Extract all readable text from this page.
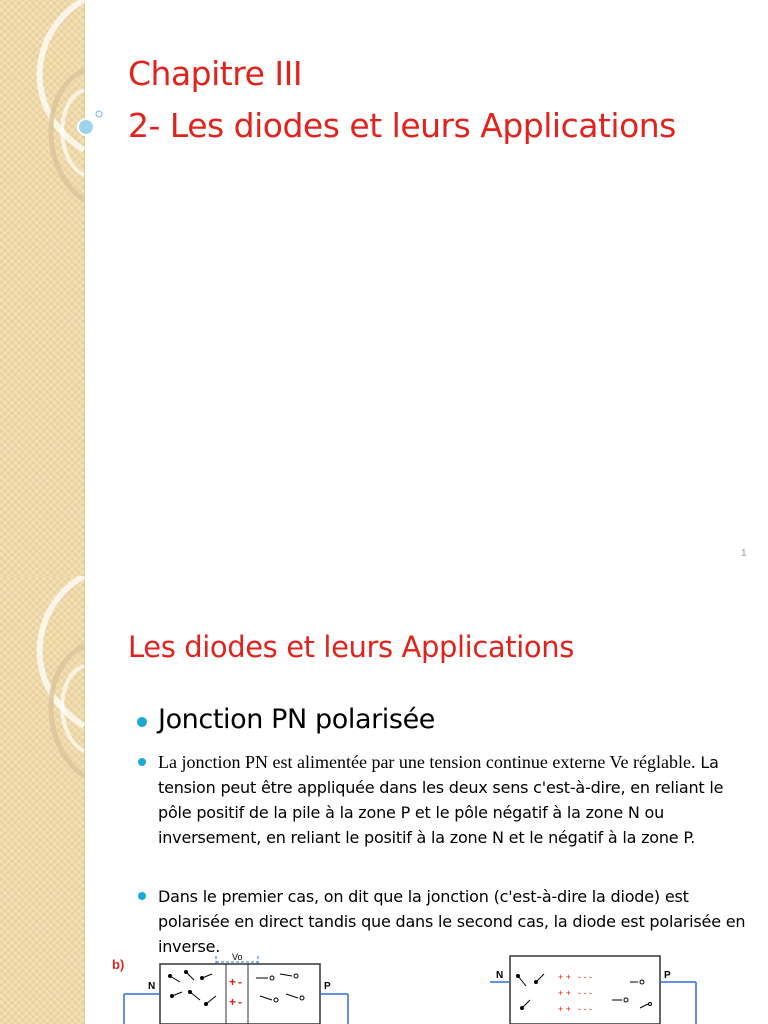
Chapitre III
2- Les diodes et leurs Applications
1
Les diodes et leurs Applications
Jonction PN polarisée
La jonction PN est alimentée par une tension continue externe Ve réglable. La tension peut être appliquée dans les deux sens c'est-à-dire, en reliant le pôle positif de la pile à la zone P et le pôle négatif à la zone N ou inversement, en reliant le positif à la zone N et le négatif à la zone P.
Dans le premier cas, on dit que la jonction (c'est-à-dire la diode) est polarisée en direct tandis que dans le second cas, la diode est polarisée en inverse.
b)	Vo
+
+
-
-
N	P
+ +
+ +
+ +
- - -
- - -
- - -
N	P
